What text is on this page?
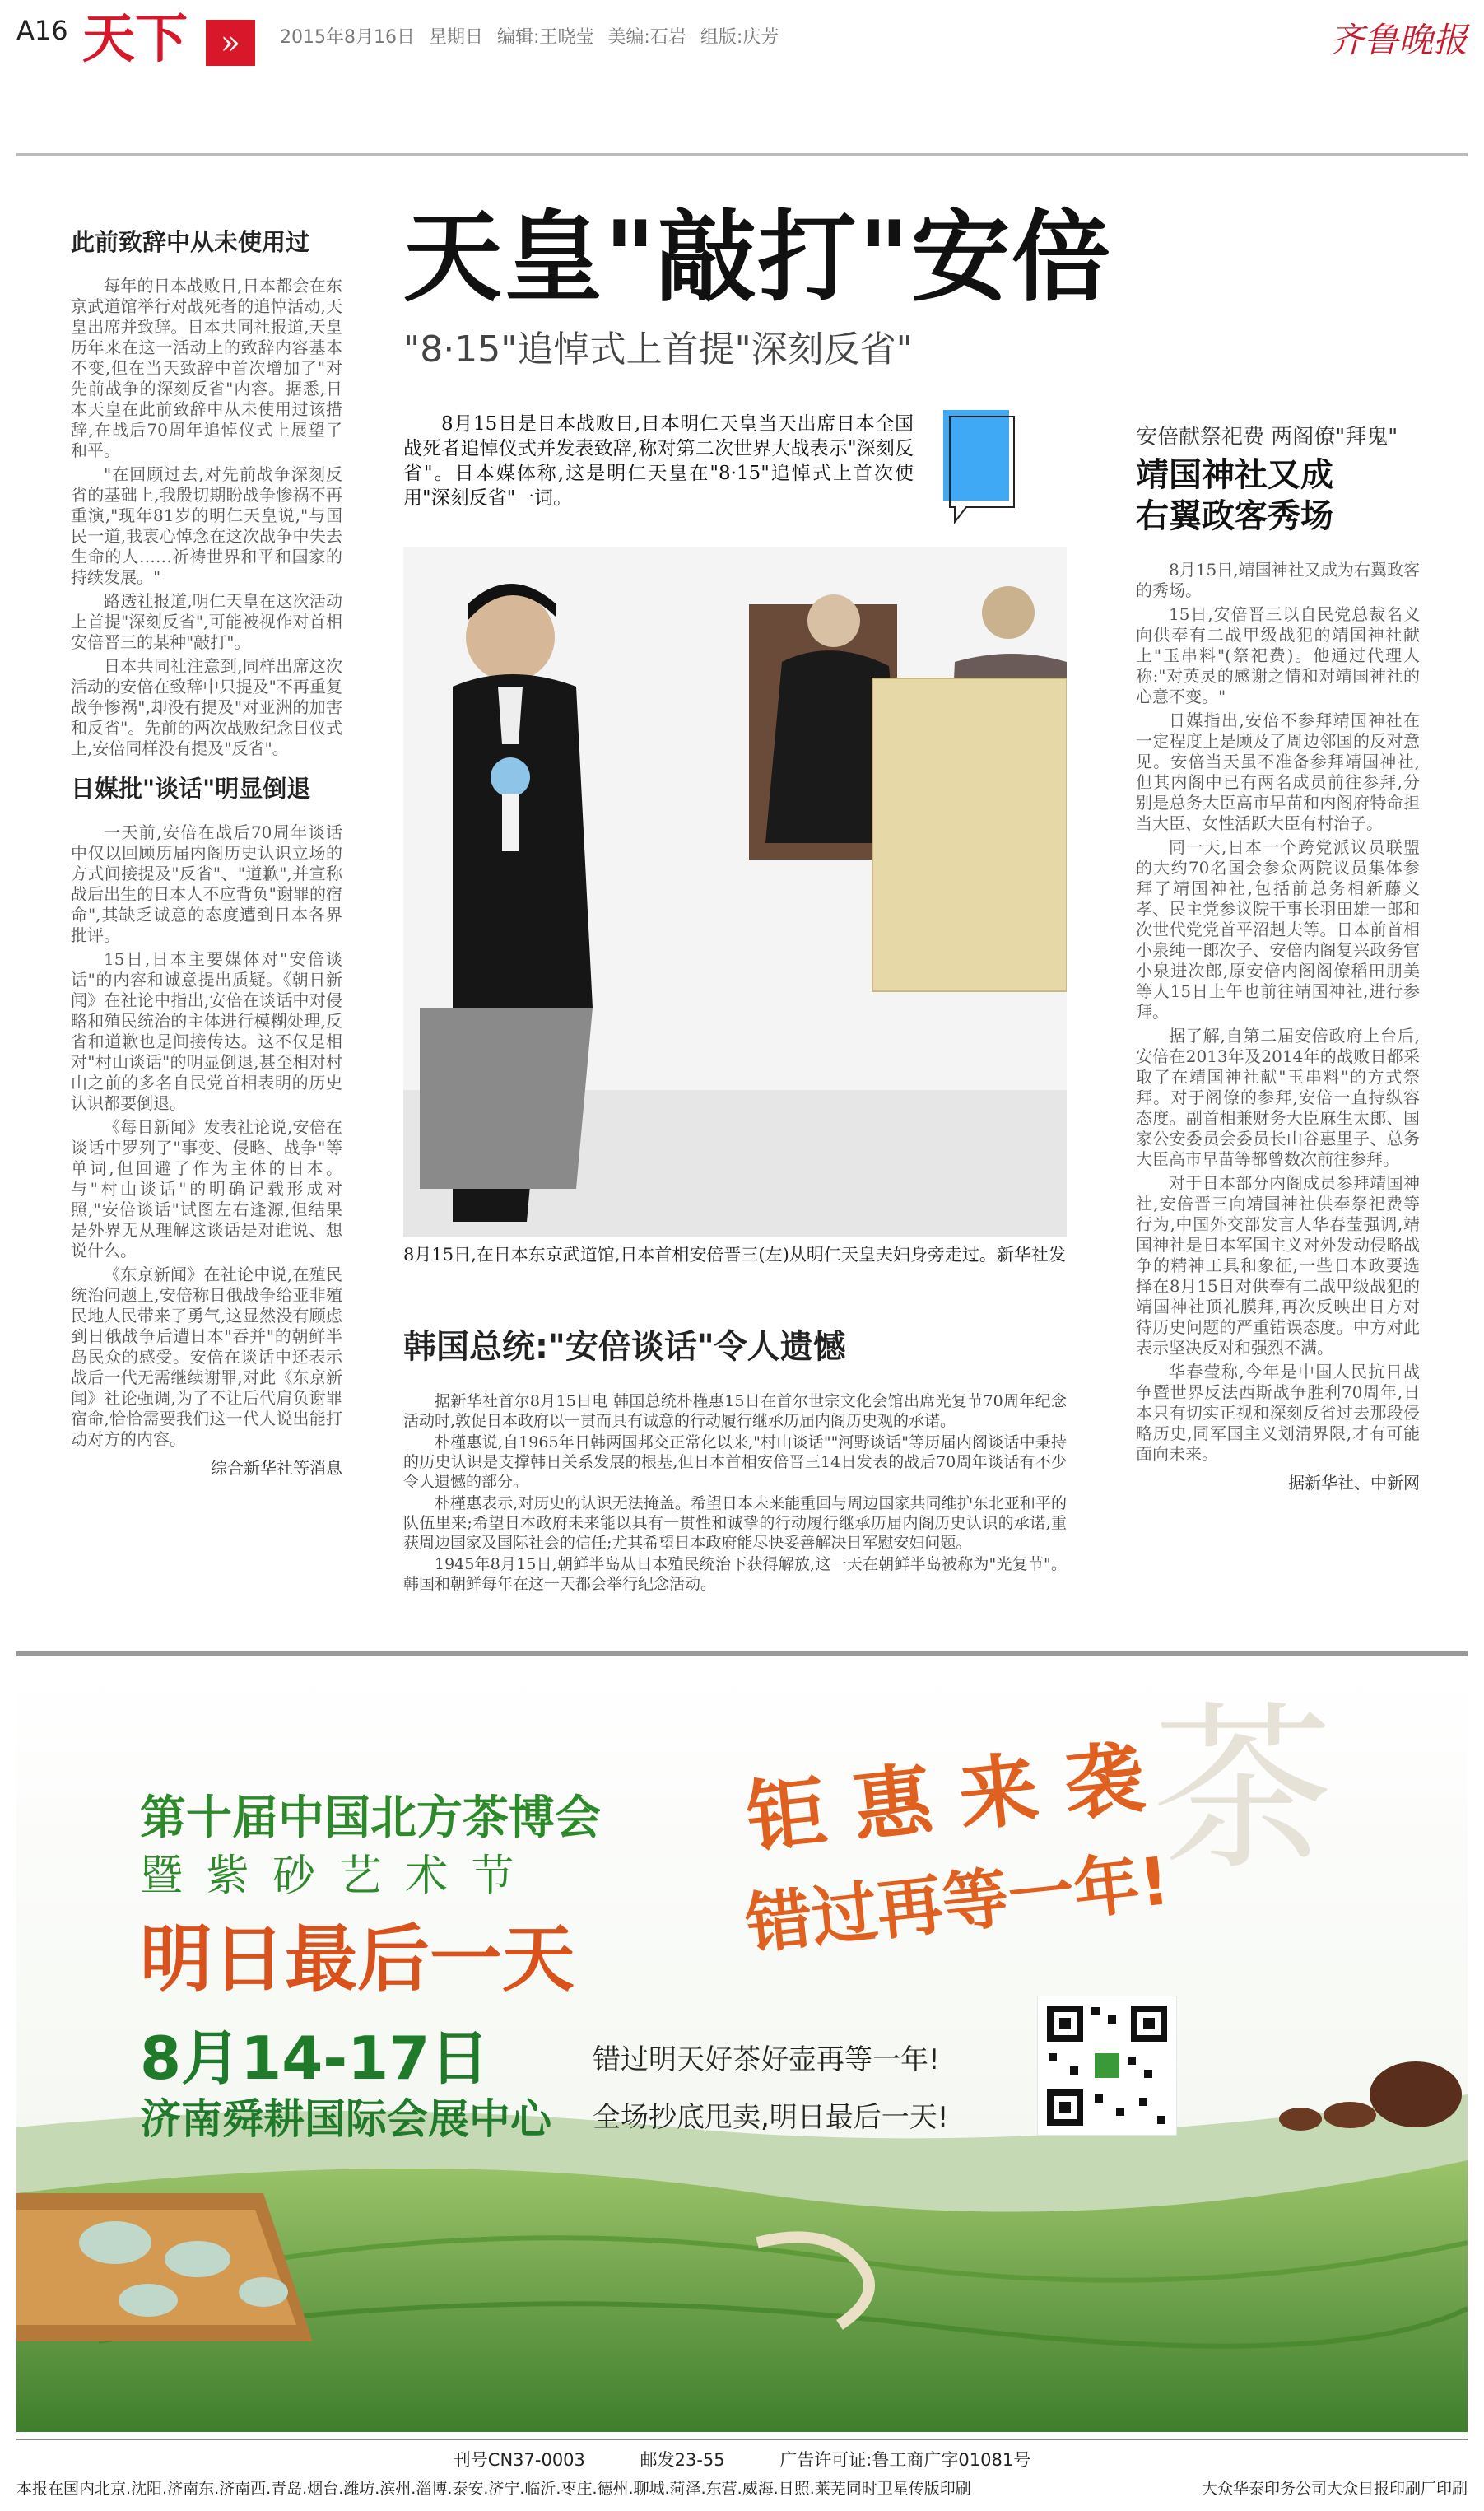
A16 天下 »	2015年8月16日 星期日 编辑:王晓莹 美编:石岩 组版:庆芳	齐鲁晚报
此前致辞中从未使用过

每年的日本战败日,日本都会在东京武道馆举行对战死者的追悼活动,天皇出席并致辞。日本共同社报道,天皇历年来在这一活动上的致辞内容基本不变,但在当天致辞中首次增加了"对先前战争的深刻反省"内容。据悉,日本天皇在此前致辞中从未使用过该措辞,在战后70周年追悼仪式上展望了和平。

"在回顾过去,对先前战争深刻反省的基础上,我殷切期盼战争惨祸不再重演,"现年81岁的明仁天皇说,"与国民一道,我衷心悼念在这次战争中失去生命的人……祈祷世界和平和国家的持续发展。"

路透社报道,明仁天皇在这次活动上首提"深刻反省",可能被视作对首相安倍晋三的某种"敲打"。

日本共同社注意到,同样出席这次活动的安倍在致辞中只提及"不再重复战争惨祸",却没有提及"对亚洲的加害和反省"。先前的两次战败纪念日仪式上,安倍同样没有提及"反省"。

日媒批"谈话"明显倒退

一天前,安倍在战后70周年谈话中仅以回顾历届内阁历史认识立场的方式间接提及"反省"、"道歉",并宣称战后出生的日本人不应背负"谢罪的宿命",其缺乏诚意的态度遭到日本各界批评。

15日,日本主要媒体对"安倍谈话"的内容和诚意提出质疑。《朝日新闻》在社论中指出,安倍在谈话中对侵略和殖民统治的主体进行模糊处理,反省和道歉也是间接传达。这不仅是相对"村山谈话"的明显倒退,甚至相对村山之前的多名自民党首相表明的历史认识都要倒退。

《每日新闻》发表社论说,安倍在谈话中罗列了"事变、侵略、战争"等单词,但回避了作为主体的日本。与"村山谈话"的明确记载形成对照,"安倍谈话"试图左右逢源,但结果是外界无从理解这谈话是对谁说、想说什么。

《东京新闻》在社论中说,在殖民统治问题上,安倍称日俄战争给亚非殖民地人民带来了勇气,这显然没有顾虑到日俄战争后遭日本"吞并"的朝鲜半岛民众的感受。安倍在谈话中还表示战后一代无需继续谢罪,对此《东京新闻》社论强调,为了不让后代肩负谢罪宿命,恰恰需要我们这一代人说出能打动对方的内容。

综合新华社等消息
天皇"敲打"安倍
"8·15"追悼式上首提"深刻反省"

8月15日是日本战败日,日本明仁天皇当天出席日本全国战死者追悼仪式并发表致辞,称对第二次世界大战表示"深刻反省"。日本媒体称,这是明仁天皇在"8·15"追悼式上首次使用"深刻反省"一词。

8月15日,在日本东京武道馆,日本首相安倍晋三(左)从明仁天皇夫妇身旁走过。新华社发
韩国总统:"安倍谈话"令人遗憾

据新华社首尔8月15日电 韩国总统朴槿惠15日在首尔世宗文化会馆出席光复节70周年纪念活动时,敦促日本政府以一贯而具有诚意的行动履行继承历届内阁历史观的承诺。

朴槿惠说,自1965年日韩两国邦交正常化以来,"村山谈话""河野谈话"等历届内阁谈话中秉持的历史认识是支撑韩日关系发展的根基,但日本首相安倍晋三14日发表的战后70周年谈话有不少令人遗憾的部分。

朴槿惠表示,对历史的认识无法掩盖。希望日本未来能重回与周边国家共同维护东北亚和平的队伍里来;希望日本政府未来能以具有一贯性和诚挚的行动履行继承历届内阁历史认识的承诺,重获周边国家及国际社会的信任;尤其希望日本政府能尽快妥善解决日军慰安妇问题。

1945年8月15日,朝鲜半岛从日本殖民统治下获得解放,这一天在朝鲜半岛被称为"光复节"。韩国和朝鲜每年在这一天都会举行纪念活动。

安倍献祭祀费 两阁僚"拜鬼"
靖国神社又成
右翼政客秀场

8月15日,靖国神社又成为右翼政客的秀场。

15日,安倍晋三以自民党总裁名义向供奉有二战甲级战犯的靖国神社献上"玉串料"(祭祀费)。他通过代理人称:"对英灵的感谢之情和对靖国神社的心意不变。"

日媒指出,安倍不参拜靖国神社在一定程度上是顾及了周边邻国的反对意见。安倍当天虽不准备参拜靖国神社,但其内阁中已有两名成员前往参拜,分别是总务大臣高市早苗和内阁府特命担当大臣、女性活跃大臣有村治子。

同一天,日本一个跨党派议员联盟的大约70名国会参众两院议员集体参拜了靖国神社,包括前总务相新藤义孝、民主党参议院干事长羽田雄一郎和次世代党党首平沼赳夫等。日本前首相小泉纯一郎次子、安倍内阁复兴政务官小泉进次郎,原安倍内阁阁僚稻田朋美等人15日上午也前往靖国神社,进行参拜。

据了解,自第二届安倍政府上台后,安倍在2013年及2014年的战败日都采取了在靖国神社献"玉串料"的方式祭拜。对于阁僚的参拜,安倍一直持纵容态度。副首相兼财务大臣麻生太郎、国家公安委员会委员长山谷惠里子、总务大臣高市早苗等都曾数次前往参拜。

对于日本部分内阁成员参拜靖国神社,安倍晋三向靖国神社供奉祭祀费等行为,中国外交部发言人华春莹强调,靖国神社是日本军国主义对外发动侵略战争的精神工具和象征,一些日本政要选择在8月15日对供奉有二战甲级战犯的靖国神社顶礼膜拜,再次反映出日方对待历史问题的严重错误态度。中方对此表示坚决反对和强烈不满。

华春莹称,今年是中国人民抗日战争暨世界反法西斯战争胜利70周年,日本只有切实正视和深刻反省过去那段侵略历史,同军国主义划清界限,才有可能面向未来。

据新华社、中新网
茶
第十届中国北方茶博会
暨 紫 砂 艺 术 节
明日最后一天
钜 惠 来 袭
错过再等一年!
8月14-17日	错过明天好茶好壶再等一年!
济南舜耕国际会展中心 全场抄底甩卖,明日最后一天!
刊号CN37-0003	邮发23-55	广告许可证:鲁工商广字01081号
本报在国内北京.沈阳.济南东.济南西.青岛.烟台.潍坊.滨州.淄博.泰安.济宁.临沂.枣庄.德州.聊城.菏泽.东营.威海.日照.莱芜同时卫星传版印刷	大众华泰印务公司大众日报印刷厂印刷
